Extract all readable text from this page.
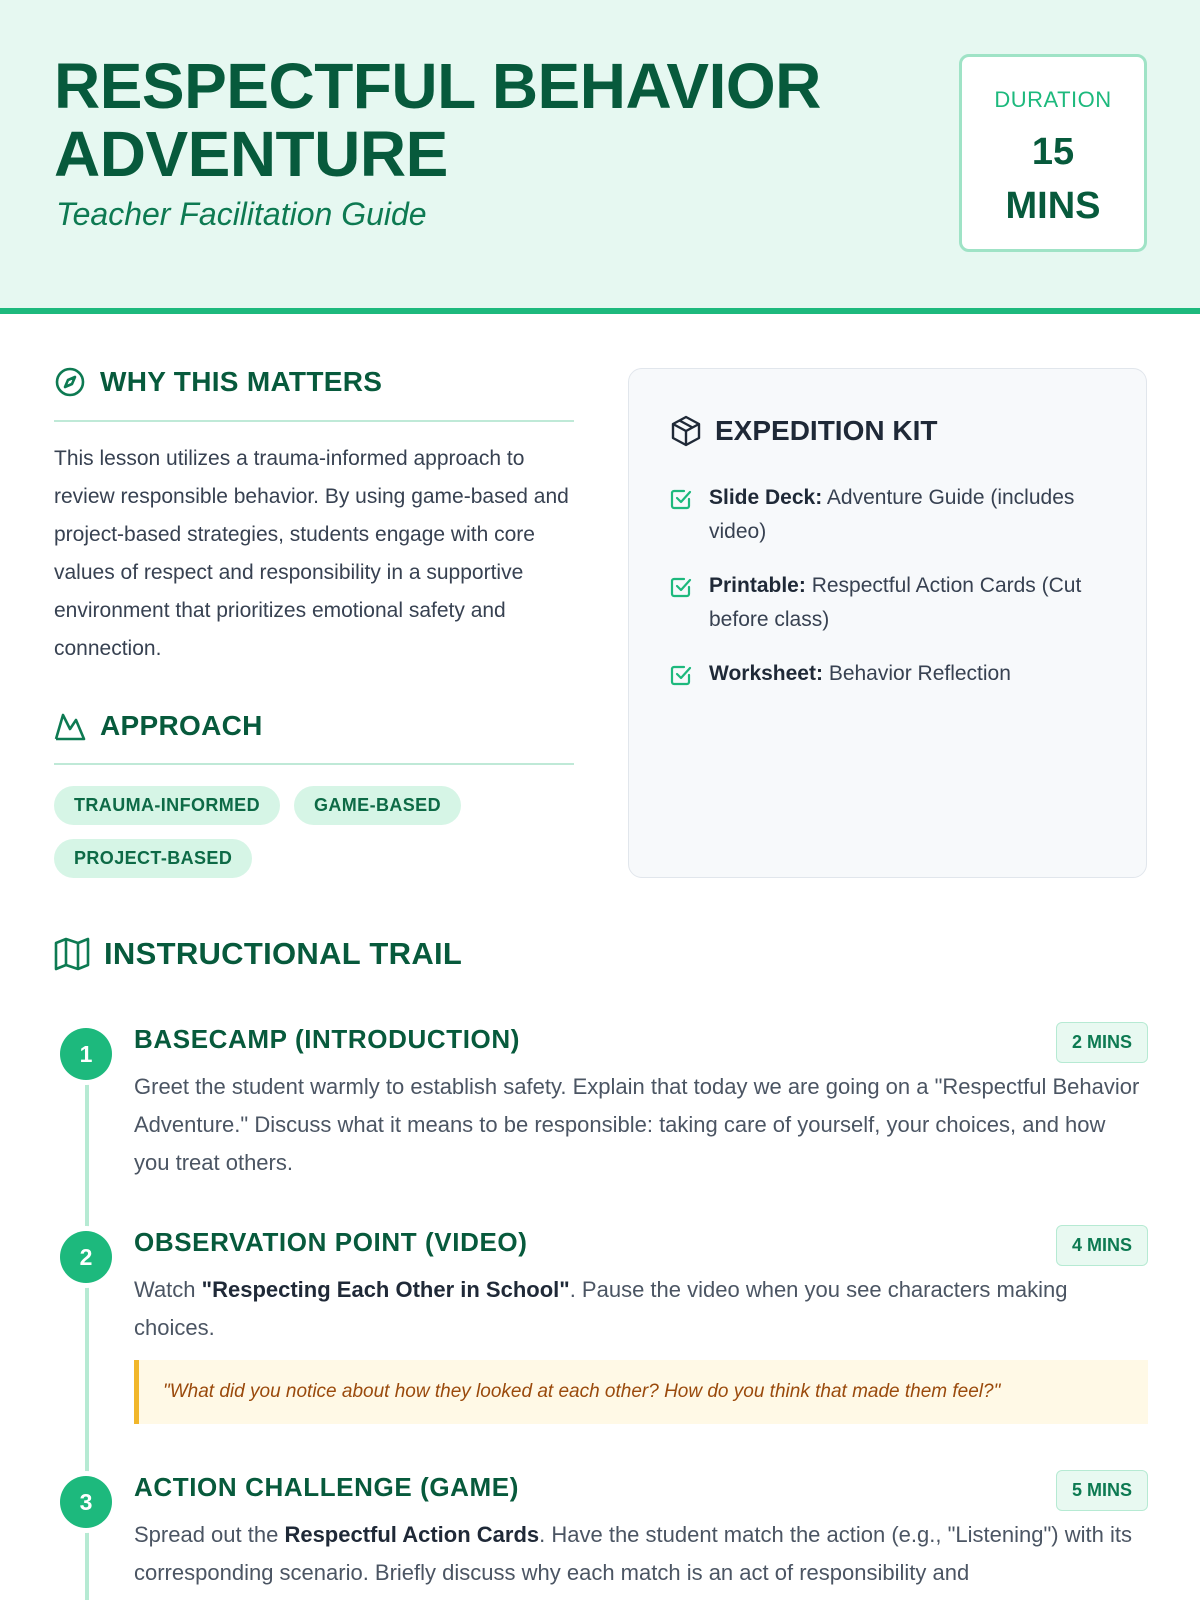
RESPECTFUL BEHAVIOR
ADVENTURE
Teacher Facilitation Guide
DURATION
15
MINS
WHY THIS MATTERS

This lesson utilizes a trauma-informed approach to review responsible behavior. By using game-based and project-based strategies, students engage with core values of respect and responsibility in a supportive environment that prioritizes emotional safety and connection.

APPROACH
TRAUMA-INFORMED	GAME-BASED
PROJECT-BASED
EXPEDITION KIT
Slide Deck: Adventure Guide (includes video)
Printable: Respectful Action Cards (Cut before class)
Worksheet: Behavior Reflection
INSTRUCTIONAL TRAIL
1	BASECAMP (INTRODUCTION)	2 MINS

Greet the student warmly to establish safety. Explain that today we are going on a "Respectful Behavior Adventure." Discuss what it means to be responsible: taking care of yourself, your choices, and how you treat others.

2	OBSERVATION POINT (VIDEO)	4 MINS

Watch "Respecting Each Other in School". Pause the video when you see characters making choices.

"What did you notice about how they looked at each other? How do you think that made them feel?"
3	ACTION CHALLENGE (GAME)	5 MINS

Spread out the Respectful Action Cards. Have the student match the action (e.g., "Listening") with its corresponding scenario. Briefly discuss why each match is an act of responsibility and
